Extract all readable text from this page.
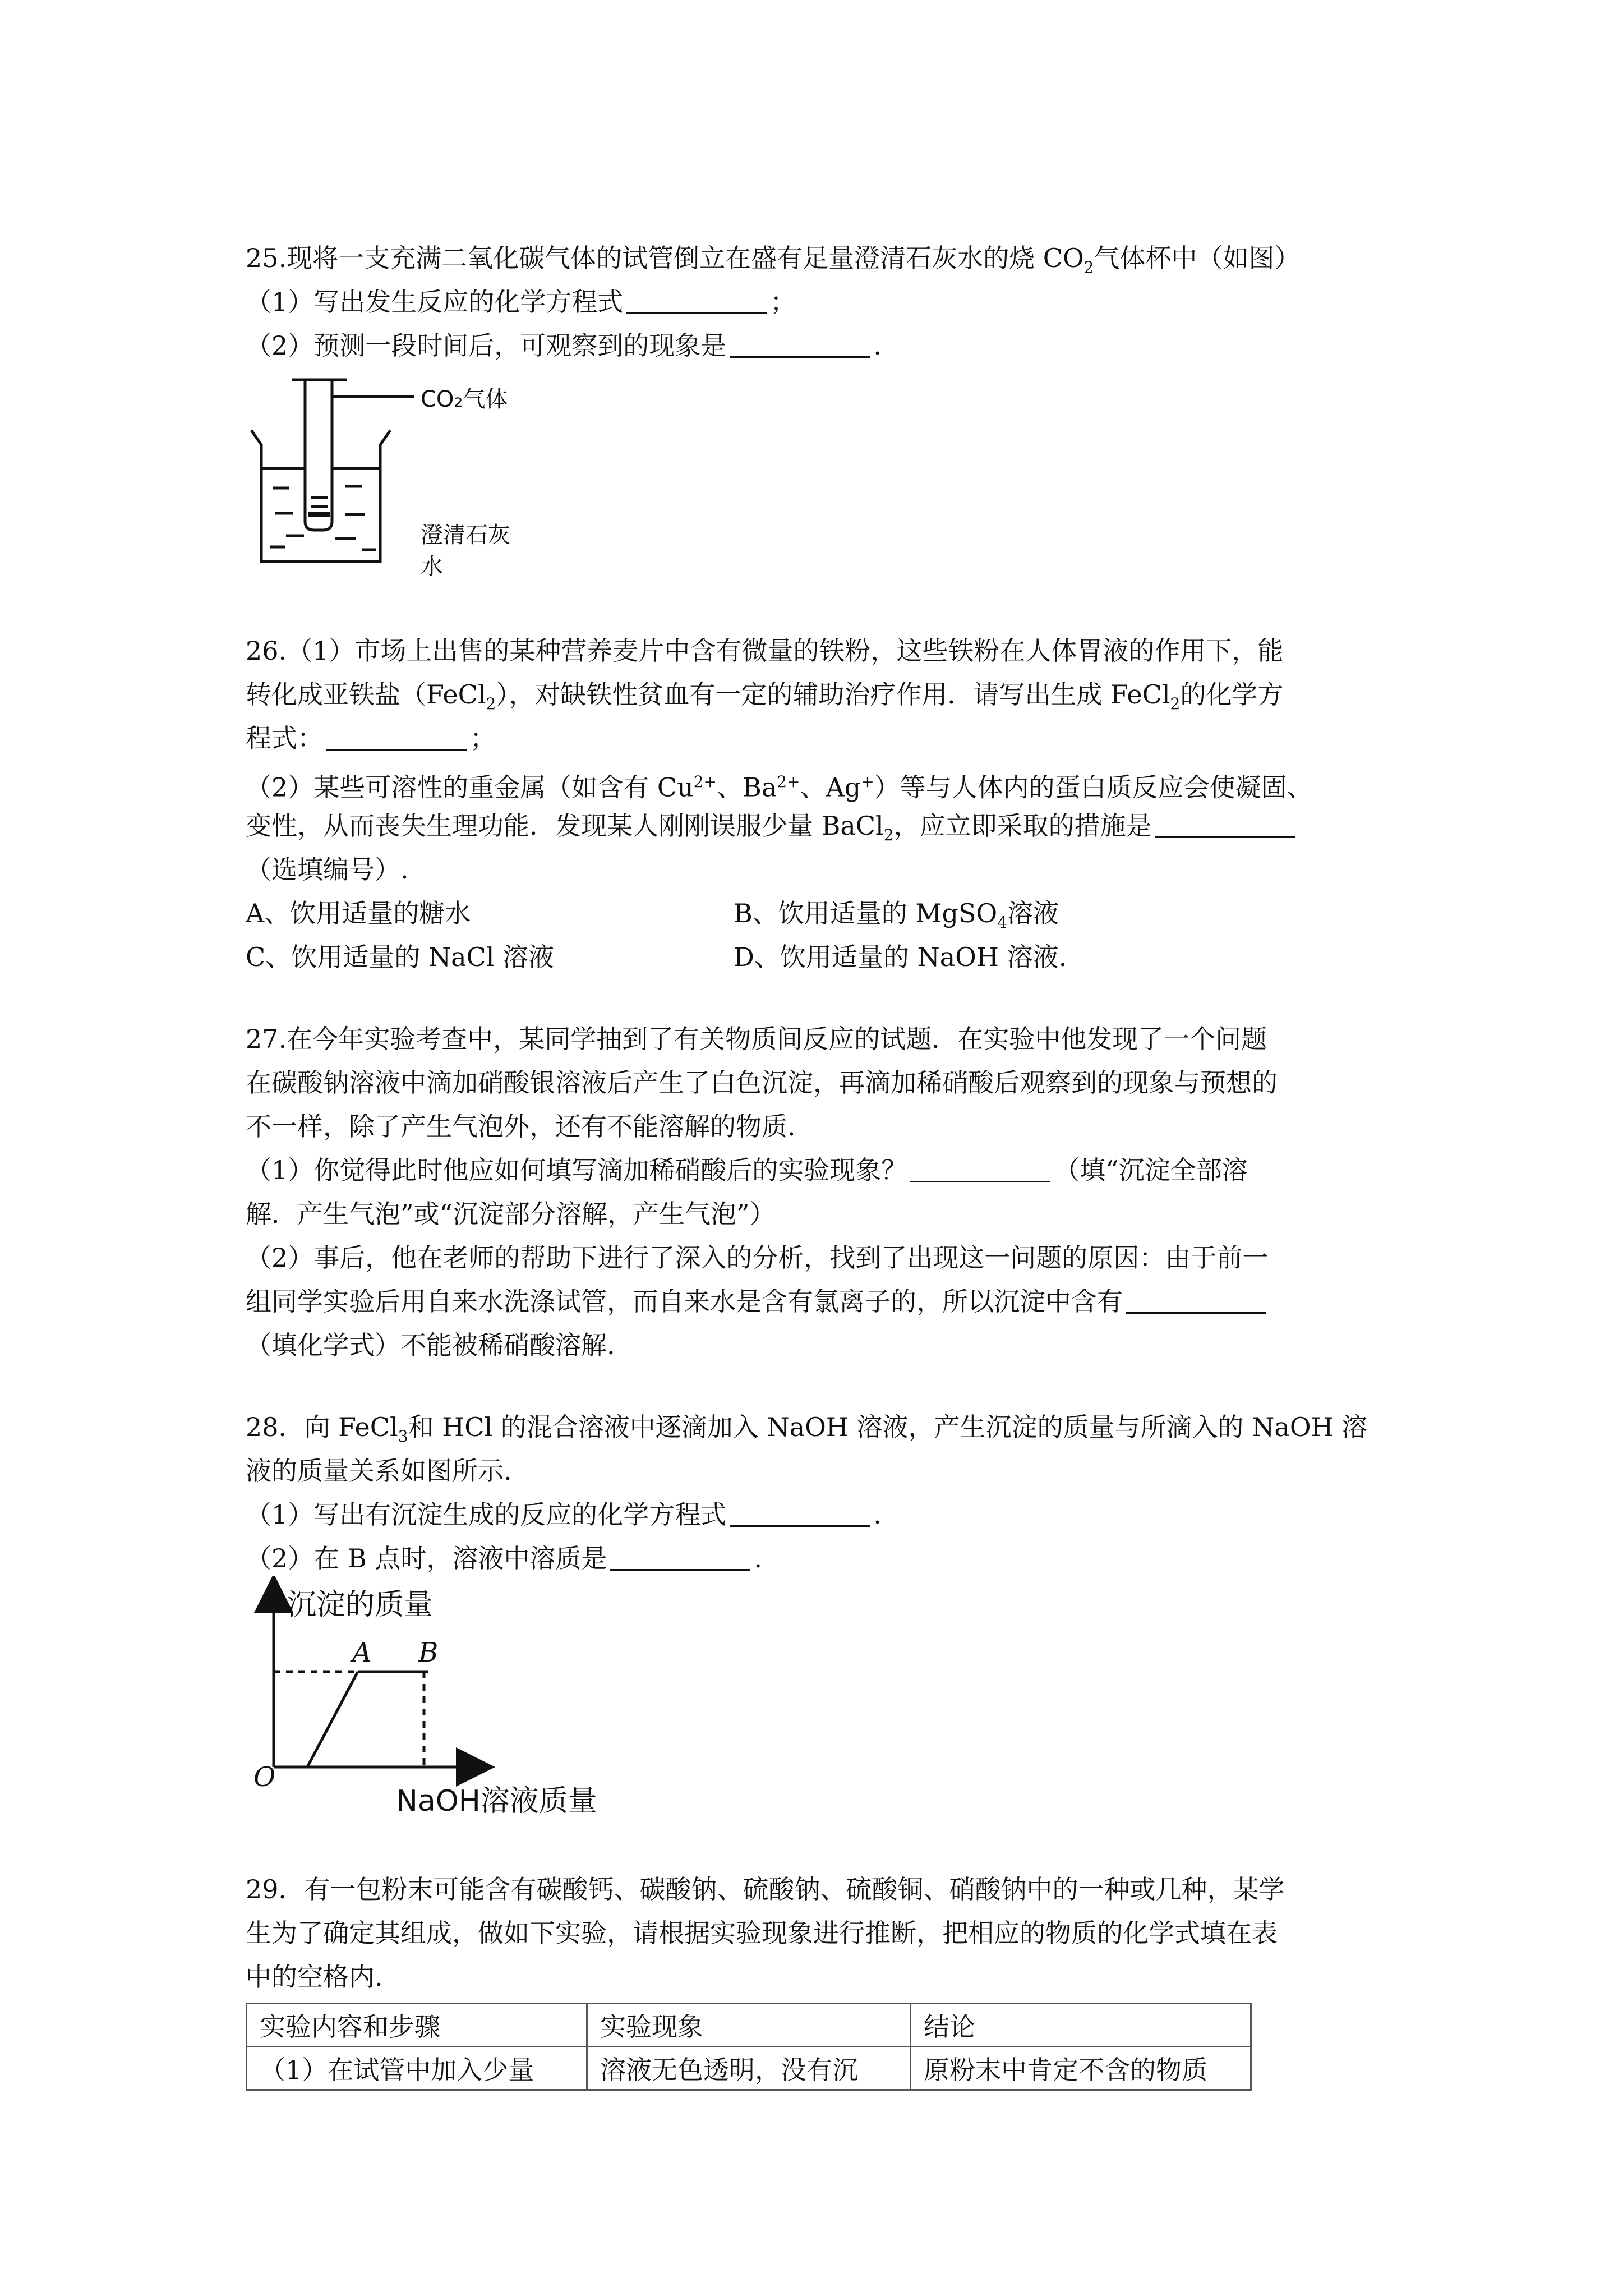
25.现将一支充满二氧化碳气体的试管倒立在盛有足量澄清石灰水的烧 $CO_2$气体杯中（如图）
（1）写出发生反应的化学方程式	；
（2）预测一段时间后，可观察到的现象是	.
CO₂气体
澄清石灰
水
26.（1）市场上出售的某种营养麦片中含有微量的铁粉，这些铁粉在人体胃液的作用下，能
转化成亚铁盐（FeCl$_2$），对缺铁性贫血有一定的辅助治疗作用．请写出生成 FeCl$_2$的化学方
程式：	；
（2）某些可溶性的重金属（如含有 $Cu^{2+}$、$Ba^{2+}$、Ag+）等与人体内的蛋白质反应会使凝固、
变性，从而丧失生理功能．发现某人刚刚误服少量 BaCl$_2$，应立即采取的措施是
（选填编号）.
A、饮用适量的糖水	B、饮用适量的 MgSO$_4$溶液
C、饮用适量的 NaCl 溶液	D、饮用适量的 NaOH 溶液.
27.在今年实验考查中，某同学抽到了有关物质间反应的试题．在实验中他发现了一个问题
在碳酸钠溶液中滴加硝酸银溶液后产生了白色沉淀，再滴加稀硝酸后观察到的现象与预想的
不一样，除了产生气泡外，还有不能溶解的物质．
（1）你觉得此时他应如何填写滴加稀硝酸后的实验现象？	（填“沉淀全部溶
解．产生气泡”或“沉淀部分溶解，产生气泡”）
（2）事后，他在老师的帮助下进行了深入的分析，找到了出现这一问题的原因：由于前一
组同学实验后用自来水洗涤试管，而自来水是含有氯离子的，所以沉淀中含有
（填化学式）不能被稀硝酸溶解.
28．向 FeCl$_3$和 HCl 的混合溶液中逐滴加入 NaOH 溶液，产生沉淀的质量与所滴入的 NaOH 溶
液的质量关系如图所示.
（1）写出有沉淀生成的反应的化学方程式	.
（2）在 B 点时，溶液中溶质是	.
沉淀的质量
NaOH溶液质量
O
A B
29．有一包粉末可能含有碳酸钙、碳酸钠、硫酸钠、硫酸铜、硝酸钠中的一种或几种，某学
生为了确定其组成，做如下实验，请根据实验现象进行推断，把相应的物质的化学式填在表
中的空格内.
实验内容和步骤	实验现象	结论
（1）在试管中加入少量	溶液无色透明，没有沉	原粉末中肯定不含的物质
